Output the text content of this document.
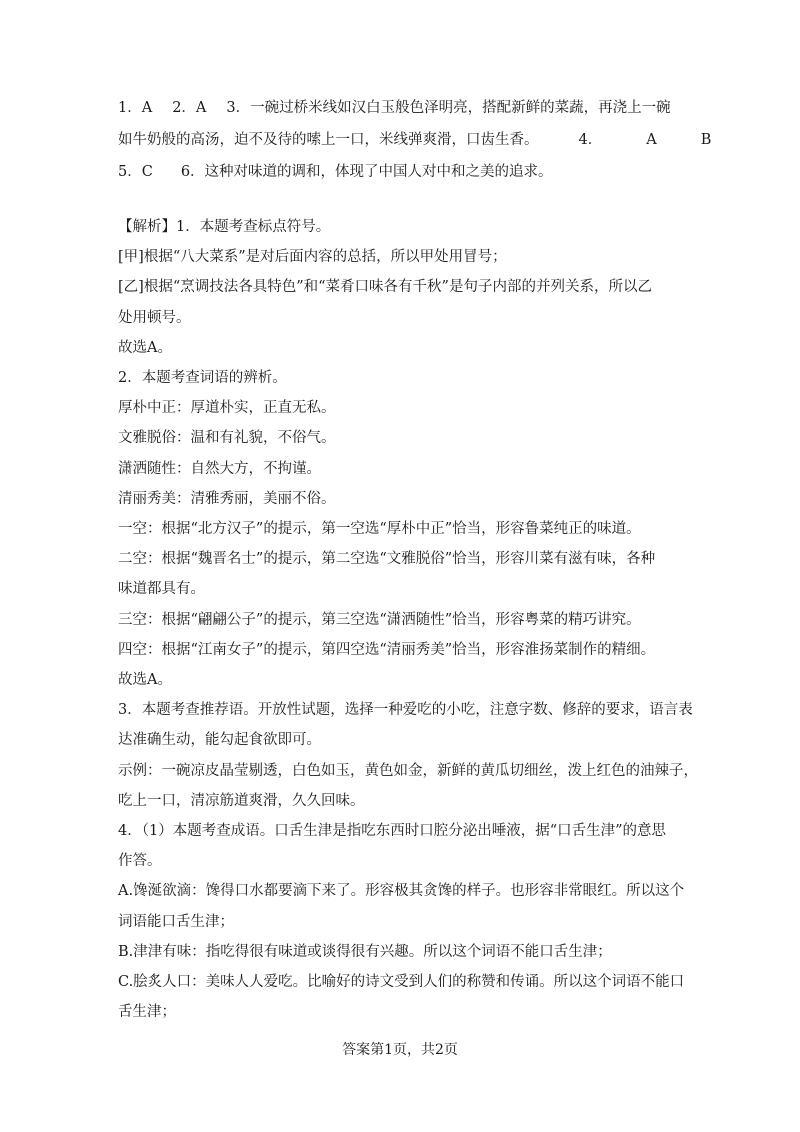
1．A 2．A 3．一碗过桥米线如汉白玉般色泽明亮，搭配新鲜的菜蔬，再浇上一碗
如牛奶般的高汤，迫不及待的嗦上一口，米线弹爽滑，口齿生香。	4．	A	B
5．C 6．这种对味道的调和，体现了中国人对中和之美的追求。

【解析】1．本题考查标点符号。

[甲]根据“八大菜系”是对后面内容的总括，所以甲处用冒号；

[乙]根据“烹调技法各具特色”和“菜肴口味各有千秋”是句子内部的并列关系，所以乙

处用顿号。

故选A。

2．本题考查词语的辨析。

厚朴中正：厚道朴实，正直无私。

文雅脱俗：温和有礼貌，不俗气。

潇洒随性：自然大方，不拘谨。

清丽秀美：清雅秀丽，美丽不俗。

一空：根据“北方汉子”的提示，第一空选“厚朴中正”恰当，形容鲁菜纯正的味道。

二空：根据“魏晋名士”的提示，第二空选“文雅脱俗”恰当，形容川菜有滋有味，各种

味道都具有。

三空：根据“翩翩公子”的提示，第三空选“潇洒随性”恰当，形容粤菜的精巧讲究。

四空：根据“江南女子”的提示，第四空选“清丽秀美”恰当，形容淮扬菜制作的精细。

故选A。

3．本题考查推荐语。开放性试题，选择一种爱吃的小吃，注意字数、修辞的要求，语言表

达准确生动，能勾起食欲即可。

示例：一碗凉皮晶莹剔透，白色如玉，黄色如金，新鲜的黄瓜切细丝，泼上红色的油辣子，

吃上一口，清凉筋道爽滑，久久回味。

4．（1）本题考查成语。口舌生津是指吃东西时口腔分泌出唾液，据“口舌生津”的意思

作答。

A.馋涎欲滴：馋得口水都要滴下来了。形容极其贪馋的样子。也形容非常眼红。所以这个

词语能口舌生津；

B.津津有味：指吃得很有味道或谈得很有兴趣。所以这个词语不能口舌生津；

C.脍炙人口：美味人人爱吃。比喻好的诗文受到人们的称赞和传诵。所以这个词语不能口

舌生津；

答案第1页，共2页
